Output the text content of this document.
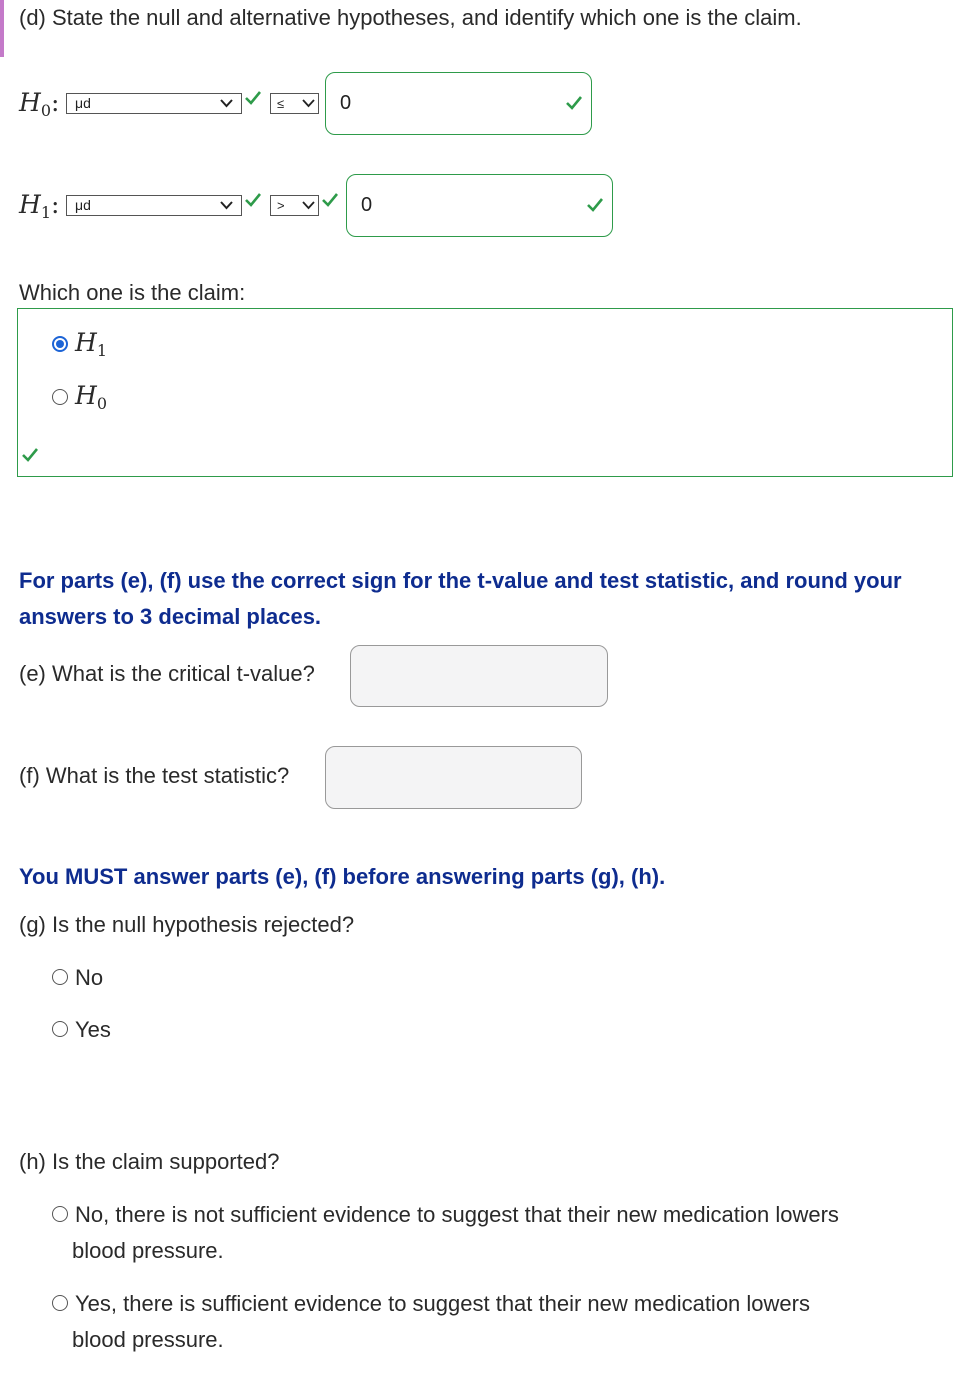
(d) State the null and alternative hypotheses, and identify which one is the claim.
$H_0$:	μd	≤	0
$H_1$:	μd	>	0
Which one is the claim:
$H_1$
$H_0$
For parts (e), (f) use the correct sign for the t-value and test statistic, and round your answers to 3 decimal places.
(e) What is the critical t-value?
(f) What is the test statistic?
You MUST answer parts (e), (f) before answering parts (g), (h).
(g) Is the null hypothesis rejected?
No
Yes
(h) Is the claim supported?
No, there is not sufficient evidence to suggest that their new medication lowers
blood pressure.
Yes, there is sufficient evidence to suggest that their new medication lowers
blood pressure.
